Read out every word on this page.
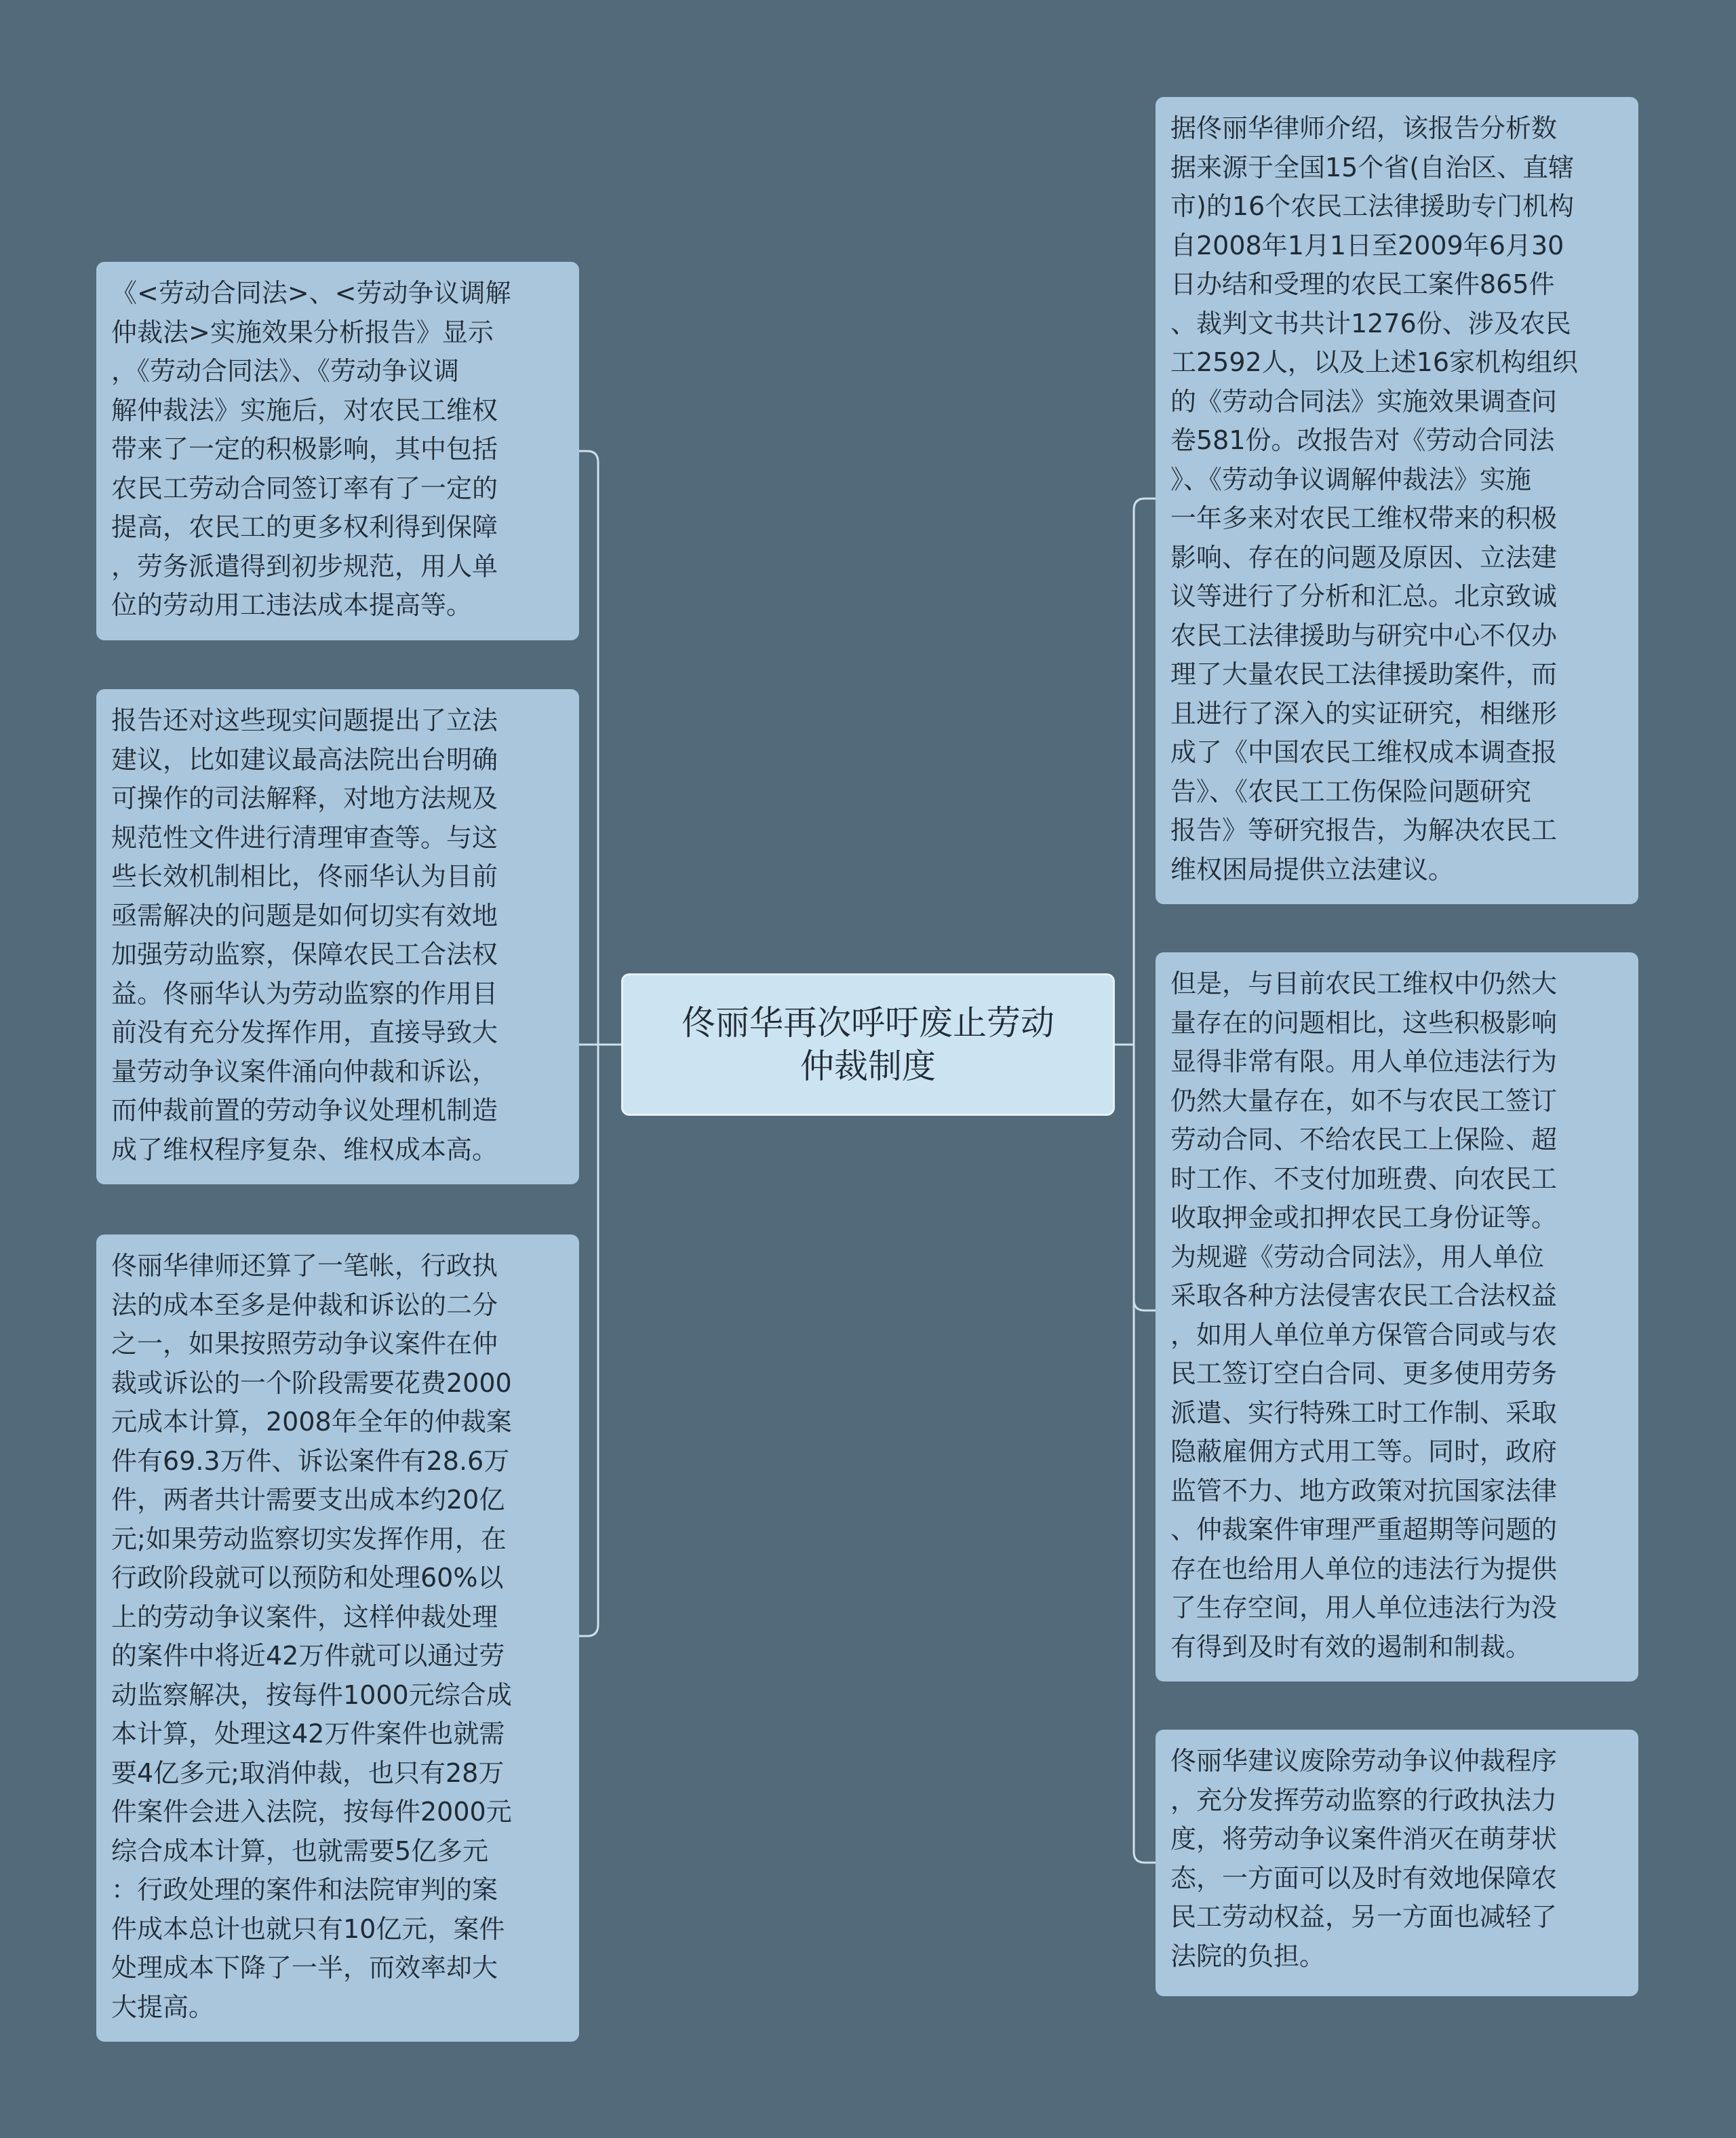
《<劳动合同法>、<劳动争议调解
仲裁法>实施效果分析报告》显示
，《劳动合同法》、《劳动争议调
解仲裁法》实施后，对农民工维权
带来了一定的积极影响，其中包括
农民工劳动合同签订率有了一定的
提高，农民工的更多权利得到保障
，劳务派遣得到初步规范，用人单
位的劳动用工违法成本提高等。
报告还对这些现实问题提出了立法
建议，比如建议最高法院出台明确
可操作的司法解释，对地方法规及
规范性文件进行清理审查等。与这
些长效机制相比，佟丽华认为目前
亟需解决的问题是如何切实有效地
加强劳动监察，保障农民工合法权
益。佟丽华认为劳动监察的作用目
前没有充分发挥作用，直接导致大
量劳动争议案件涌向仲裁和诉讼，
而仲裁前置的劳动争议处理机制造
成了维权程序复杂、维权成本高。
佟丽华律师还算了一笔帐，行政执
法的成本至多是仲裁和诉讼的二分
之一，如果按照劳动争议案件在仲
裁或诉讼的一个阶段需要花费2000
元成本计算，2008年全年的仲裁案
件有69.3万件、诉讼案件有28.6万
件，两者共计需要支出成本约20亿
元;如果劳动监察切实发挥作用，在
行政阶段就可以预防和处理60%以
上的劳动争议案件，这样仲裁处理
的案件中将近42万件就可以通过劳
动监察解决，按每件1000元综合成
本计算，处理这42万件案件也就需
要4亿多元;取消仲裁，也只有28万
件案件会进入法院，按每件2000元
综合成本计算，也就需要5亿多元
：行政处理的案件和法院审判的案
件成本总计也就只有10亿元，案件
处理成本下降了一半，而效率却大
大提高。
佟丽华再次呼吁废止劳动
仲裁制度
据佟丽华律师介绍，该报告分析数
据来源于全国15个省(自治区、直辖
市)的16个农民工法律援助专门机构
自2008年1月1日至2009年6月30
日办结和受理的农民工案件865件
、裁判文书共计1276份、涉及农民
工2592人，以及上述16家机构组织
的《劳动合同法》实施效果调查问
卷581份。改报告对《劳动合同法
》、《劳动争议调解仲裁法》实施
一年多来对农民工维权带来的积极
影响、存在的问题及原因、立法建
议等进行了分析和汇总。北京致诚
农民工法律援助与研究中心不仅办
理了大量农民工法律援助案件，而
且进行了深入的实证研究，相继形
成了《中国农民工维权成本调查报
告》、《农民工工伤保险问题研究
报告》等研究报告，为解决农民工
维权困局提供立法建议。
但是，与目前农民工维权中仍然大
量存在的问题相比，这些积极影响
显得非常有限。用人单位违法行为
仍然大量存在，如不与农民工签订
劳动合同、不给农民工上保险、超
时工作、不支付加班费、向农民工
收取押金或扣押农民工身份证等。
为规避《劳动合同法》，用人单位
采取各种方法侵害农民工合法权益
，如用人单位单方保管合同或与农
民工签订空白合同、更多使用劳务
派遣、实行特殊工时工作制、采取
隐蔽雇佣方式用工等。同时，政府
监管不力、地方政策对抗国家法律
、仲裁案件审理严重超期等问题的
存在也给用人单位的违法行为提供
了生存空间，用人单位违法行为没
有得到及时有效的遏制和制裁。
佟丽华建议废除劳动争议仲裁程序
，充分发挥劳动监察的行政执法力
度，将劳动争议案件消灭在萌芽状
态，一方面可以及时有效地保障农
民工劳动权益，另一方面也减轻了
法院的负担。
